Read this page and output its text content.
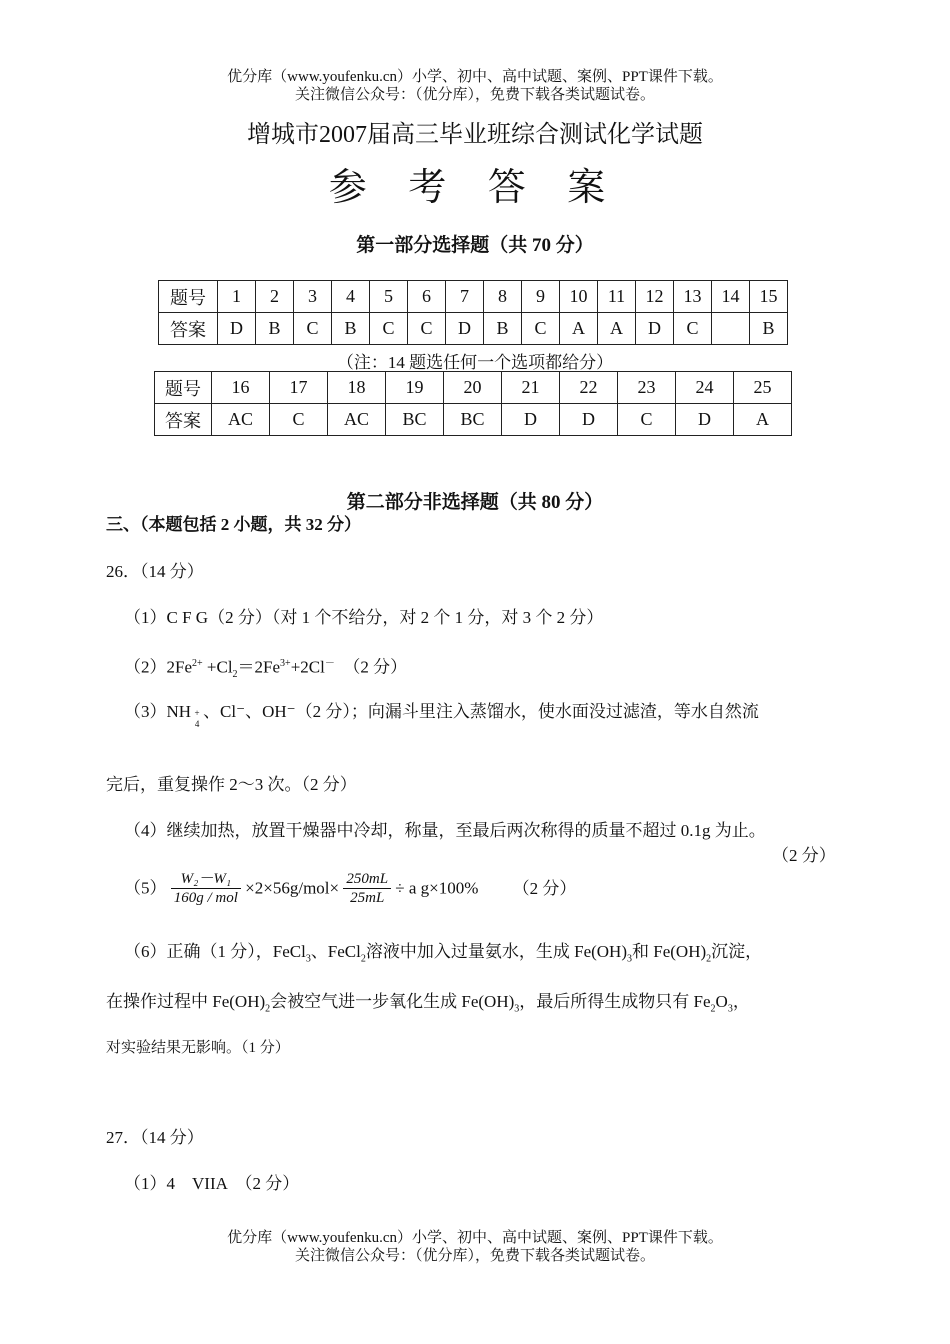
优分库（www.youfenku.cn）小学、初中、高中试题、案例、PPT课件下载。
关注微信公众号：（优分库），免费下载各类试题试卷。
增城市2007届高三毕业班综合测试化学试题
参 考 答 案
第一部分选择题（共 70 分）
题号	1	2	3	4	5	6	7	8	9	10	11	12	13	14	15
答案	D	B	C	B	C	C	D	B	C	A	A	D	C		B
（注：14 题选任何一个选项都给分）
题号	16	17	18	19	20	21	22	23	24	25
答案	AC	C	AC	BC	BC	D	D	C	D	A
第二部分非选择题（共 80 分）
三、（本题包括 2 小题，共 32 分）
26．（14 分）
（1）C F G（2 分）（对 1 个不给分，对 2 个 1 分，对 3 个 2 分）
$(2)2Fe^{2+} +Cl_2=2Fe^{3+}+2Cl^-$ （2 分）
（3）NH +
4
、Cl⁻、OH⁻（2 分）；向漏斗里注入蒸馏水，使水面没过滤渣，等水自然流
完后，重复操作 2～3 次。（2 分）
（4）继续加热，放置干燥器中冷却，称量，至最后两次称得的质量不超过 0.1g 为止。
（2 分）
$(5) \frac{\text{W₂－W₁}}{\text{160g / mol}} \times 2\times 56g/mol\times \frac{250mL}{25mL} \div a$ g×100% （2 分）
（6）正确（1 分），FeCl$_3$、FeCl$_2$溶液中加入过量氨水，生成 $Fe(OH)_3$和 $Fe(OH)_2$沉淀，
在操作过程中 $Fe(OH)_2$会被空气进一步氧化生成 $Fe(OH)_3$，最后所得生成物只有 $Fe_2O_3$，
对实验结果无影响。（1 分）
27．（14 分）
（1）4　VIIA　（2 分）
优分库（www.youfenku.cn）小学、初中、高中试题、案例、PPT课件下载。
关注微信公众号：（优分库），免费下载各类试题试卷。
